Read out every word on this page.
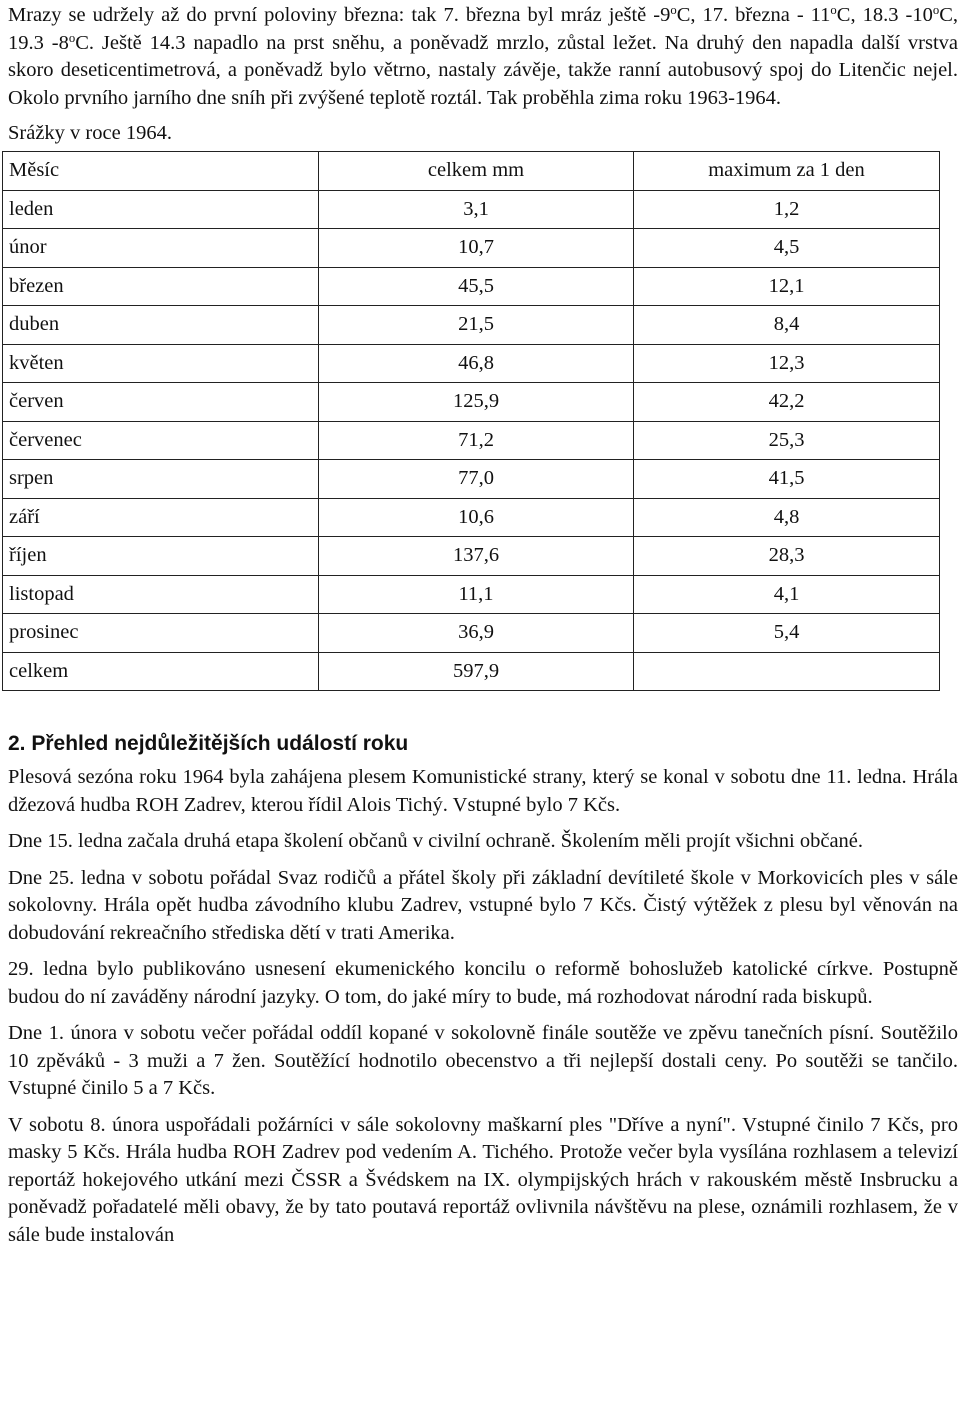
Mrazy se udržely až do první poloviny března: tak 7. března byl mráz ještě -9$^o$C, 17. března - 11$^o$C, 18.3 -10$^o$C, 19.3 -8$^o$C. Ještě 14.3 napadlo na prst sněhu, a poněvadž mrzlo, zůstal ležet. Na druhý den napadla další vrstva skoro deseticentimetrová, a poněvadž bylo větrno, nastaly závěje, takže ranní autobusový spoj do Litenčic nejel. Okolo prvního jarního dne sníh při zvýšené teplotě roztál. Tak proběhla zima roku 1963-1964.

Srážky v roce 1964.

Měsíc	celkem mm	maximum za 1 den
leden	3,1	1,2
únor	10,7	4,5
březen	45,5	12,1
duben	21,5	8,4
květen	46,8	12,3
červen	125,9	42,2
červenec	71,2	25,3
srpen	77,0	41,5
září	10,6	4,8
říjen	137,6	28,3
listopad	11,1	4,1
prosinec	36,9	5,4
celkem	597,9	
2. Přehled nejdůležitějších událostí roku

Plesová sezóna roku 1964 byla zahájena plesem Komunistické strany, který se konal v sobotu dne 11. ledna. Hrála džezová hudba ROH Zadrev, kterou řídil Alois Tichý. Vstupné bylo 7 Kčs.

Dne 15. ledna začala druhá etapa školení občanů v civilní ochraně. Školením měli projít všichni občané.

Dne 25. ledna v sobotu pořádal Svaz rodičů a přátel školy při základní devítileté škole v Morkovicích ples v sále sokolovny. Hrála opět hudba závodního klubu Zadrev, vstupné bylo 7 Kčs. Čistý výtěžek z plesu byl věnován na dobudování rekreačního střediska dětí v trati Amerika.

29. ledna bylo publikováno usnesení ekumenického koncilu o reformě bohoslužeb katolické církve. Postupně budou do ní zaváděny národní jazyky. O tom, do jaké míry to bude, má rozhodovat národní rada biskupů.

Dne 1. února v sobotu večer pořádal oddíl kopané v sokolovně finále soutěže ve zpěvu tanečních písní. Soutěžilo 10 zpěváků - 3 muži a 7 žen. Soutěžící hodnotilo obecenstvo a tři nejlepší dostali ceny. Po soutěži se tančilo. Vstupné činilo 5 a 7 Kčs.

V sobotu 8. února uspořádali požárníci v sále sokolovny maškarní ples "Dříve a nyní". Vstupné činilo 7 Kčs, pro masky 5 Kčs. Hrála hudba ROH Zadrev pod vedením A. Tichého. Protože večer byla vysílána rozhlasem a televizí reportáž hokejového utkání mezi ČSSR a Švédskem na IX. olympijských hrách v rakouském městě Insbrucku a poněvadž pořadatelé měli obavy, že by tato poutavá reportáž ovlivnila návštěvu na plese, oznámili rozhlasem, že v sále bude instalován
